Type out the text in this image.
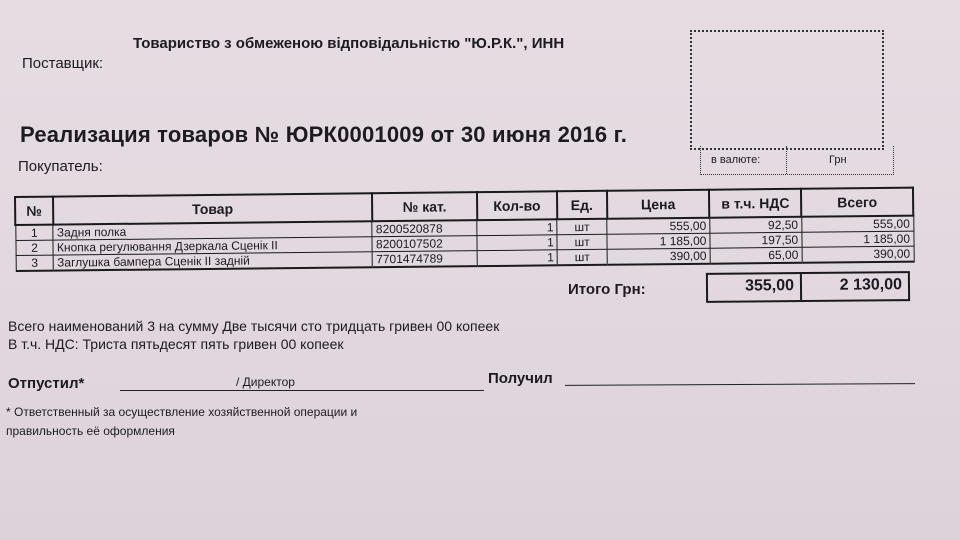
Поставщик:
Товариство з обмеженою відповідальністю "Ю.Р.К.", ИНН
Реализация товаров № ЮРК0001009 от 30 июня 2016 г.
Покупатель:	в валюте:	Грн
№	Товар	№ кат.	Кол-во	Ед.	Цена	в т.ч. НДС	Всего
1	Задня полка	8200520878	1	шт	555,00	92,50	555,00
2	Кнопка регулювання Дзеркала Сценік ІІ	8200107502	1	шт	1 185,00	197,50	1 185,00
3	Заглушка бампера Сценік ІІ задній	7701474789	1	шт	390,00	65,00	390,00
Итого Грн:	355,00	2 130,00
Всего наименований 3 на сумму Две тысячи сто тридцать гривен 00 копеек
В т.ч. НДС: Триста пятьдесят пять гривен 00 копеек
Отпустил*	/ Директор	Получил
* Ответственный за осуществление хозяйственной операции и
правильность её оформления
